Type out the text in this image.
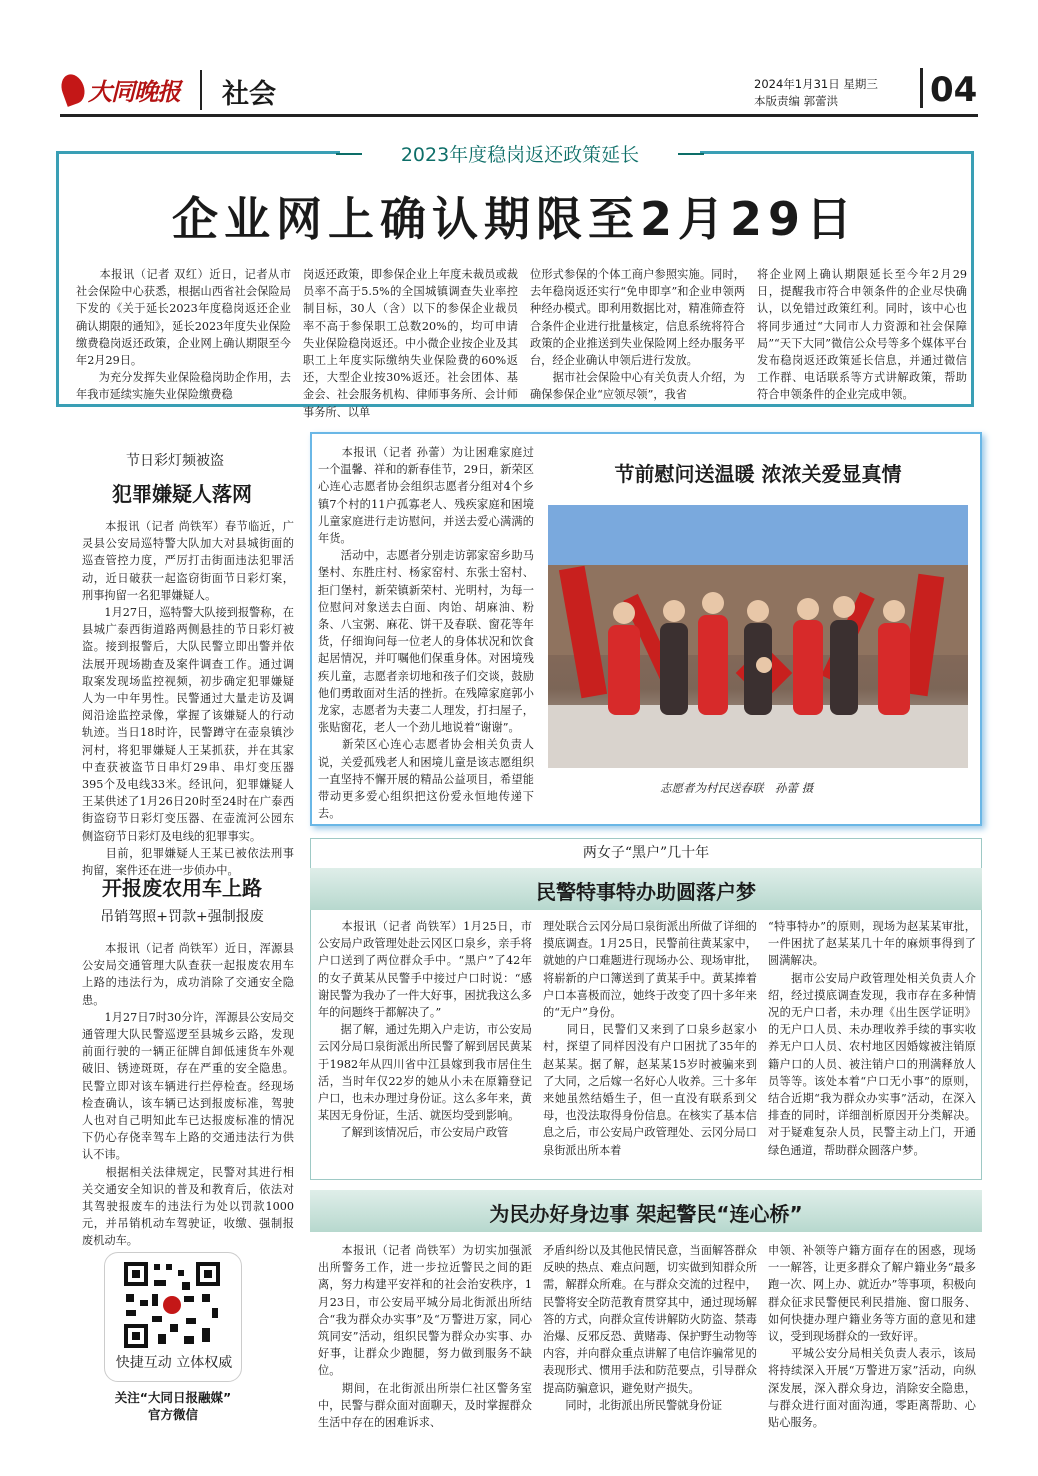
大同晚报 社会	2024年1月31日 星期三
本版责编 郭蕾洪	04
2023年度稳岗返还政策延长
企业网上确认期限至2月29日
　　本报讯（记者 双红）近日，记者从市社会保险中心获悉，根据山西省社会保险局下发的《关于延长2023年度稳岗返还企业确认期限的通知》，延长2023年度失业保险缴费稳岗返还政策，企业网上确认期限至今年2月29日。
　　为充分发挥失业保险稳岗助企作用，去年我市延续实施失业保险缴费稳
岗返还政策，即参保企业上年度未裁员或裁员率不高于5.5%的全国城镇调查失业率控制目标，30人（含）以下的参保企业裁员率不高于参保职工总数20%的，均可申请失业保险稳岗返还。中小微企业按企业及其职工上年度实际缴纳失业保险费的60%返还，大型企业按30%返还。社会团体、基金会、社会服务机构、律师事务所、会计师事务所、以单
位形式参保的个体工商户参照实施。同时，去年稳岗返还实行“免申即享”和企业申领两种经办模式。即利用数据比对，精准筛查符合条件企业进行批量核定，信息系统将符合政策的企业推送到失业保险网上经办服务平台，经企业确认申领后进行发放。
　　据市社会保险中心有关负责人介绍，为确保参保企业“应领尽领”，我省
将企业网上确认期限延长至今年2月29日，提醒我市符合申领条件的企业尽快确认，以免错过政策红利。同时，该中心也将同步通过“大同市人力资源和社会保障局”“天下大同”微信公众号等多个媒体平台发布稳岗返还政策延长信息，并通过微信工作群、电话联系等方式讲解政策，帮助符合申领条件的企业完成申领。
节日彩灯频被盗
犯罪嫌疑人落网
　　本报讯（记者 尚铁军）春节临近，广灵县公安局巡特警大队加大对县城街面的巡查管控力度，严厉打击街面违法犯罪活动，近日破获一起盗窃街面节日彩灯案，刑事拘留一名犯罪嫌疑人。
　　1月27日，巡特警大队接到报警称，在县城广泰西街道路两侧悬挂的节日彩灯被盗。接到报警后，大队民警立即出警并依法展开现场勘查及案件调查工作。通过调取案发现场监控视频，初步确定犯罪嫌疑人为一中年男性。民警通过大量走访及调阅沿途监控录像，掌握了该嫌疑人的行动轨迹。当日18时许，民警蹲守在壶泉镇沙河村，将犯罪嫌疑人王某抓获，并在其家中查获被盗节日串灯29串、串灯变压器395个及电线33米。经讯问，犯罪嫌疑人王某供述了1月26日20时至24时在广泰西街盗窃节日彩灯变压器、在壶流河公园东侧盗窃节日彩灯及电线的犯罪事实。
　　目前，犯罪嫌疑人王某已被依法刑事拘留，案件还在进一步侦办中。
开报废农用车上路
吊销驾照+罚款+强制报废
　　本报讯（记者 尚铁军）近日，浑源县公安局交通管理大队查获一起报废农用车上路的违法行为，成功消除了交通安全隐患。
　　1月27日7时30分许，浑源县公安局交通管理大队民警巡逻至县城乡云路，发现前面行驶的一辆正征牌自卸低速货车外观破旧、锈迹斑斑，存在严重的安全隐患。民警立即对该车辆进行拦停检查。经现场检查确认，该车辆已达到报废标准，驾驶人也对自己明知此车已达报废标准的情况下仍心存侥幸驾车上路的交通违法行为供认不讳。
　　根据相关法律规定，民警对其进行相关交通安全知识的普及和教育后，依法对其驾驶报废车的违法行为处以罚款1000元，并吊销机动车驾驶证，收缴、强制报废机动车。
　　本报讯（记者 孙蕾）为让困难家庭过一个温馨、祥和的新春佳节，29日，新荣区心连心志愿者协会组织志愿者分组对4个乡镇7个村的11户孤寡老人、残疾家庭和困境儿童家庭进行走访慰问，并送去爱心满满的年货。
　　活动中，志愿者分别走访郭家窑乡助马堡村、东胜庄村、杨家窑村、东张士窑村、拒门堡村，新荣镇新荣村、光明村，为每一位慰问对象送去白面、肉饴、胡麻油、粉条、八宝粥、麻花、饼干及春联、窗花等年货，仔细询问每一位老人的身体状况和饮食起居情况，并叮嘱他们保重身体。对困境残疾儿童，志愿者亲切地和孩子们交谈，鼓励他们勇敢面对生活的挫折。在残障家庭郭小龙家，志愿者为夫妻二人理发，打扫屋子，张贴窗花，老人一个劲儿地说着“谢谢”。
　　新荣区心连心志愿者协会相关负责人说，关爱孤残老人和困境儿童是该志愿组织一直坚持不懈开展的精品公益项目，希望能带动更多爱心组织把这份爱永恒地传递下去。
节前慰问送温暖 浓浓关爱显真情
志愿者为村民送春联　孙蕾 摄
两女子“黑户”几十年
民警特事特办助圆落户梦
　　本报讯（记者 尚铁军）1月25日，市公安局户政管理处赴云冈区口泉乡，亲手将户口送到了两位群众手中。“黑户”了42年的女子黄某从民警手中接过户口时说：“感谢民警为我办了一件大好事，困扰我这么多年的问题终于都解决了。”
　　据了解，通过先期入户走访，市公安局云冈分局口泉街派出所民警了解到居民黄某于1982年从四川省中江县嫁到我市居住生活，当时年仅22岁的她从小未在原籍登记户口，也未办理过身份证。这么多年来，黄某因无身份证，生活、就医均受到影响。
　　了解到该情况后，市公安局户政管
理处联合云冈分局口泉街派出所做了详细的摸底调查。1月25日，民警前往黄某家中，就她的户口难题进行现场办公、现场审批，将崭新的户口簿送到了黄某手中。黄某捧着户口本喜极而泣，她终于改变了四十多年来的“无户”身份。
　　同日，民警们又来到了口泉乡赵家小村，探望了同样因没有户口困扰了35年的赵某某。据了解，赵某某15岁时被骗来到了大同，之后嫁一名好心人收养。三十多年来她虽然结婚生子，但一直没有联系到父母，也没法取得身份信息。在核实了基本信息之后，市公安局户政管理处、云冈分局口泉街派出所本着
“特事特办”的原则，现场为赵某某审批，一件困扰了赵某某几十年的麻烦事得到了圆满解决。
　　据市公安局户政管理处相关负责人介绍，经过摸底调查发现，我市存在多种情况的无户口者，未办理《出生医学证明》的无户口人员、未办理收养手续的事实收养无户口人员、农村地区因婚嫁被注销原籍户口的人员、被注销户口的刑满释放人员等等。该处本着“户口无小事”的原则，结合近期“我为群众办实事”活动，在深入排查的同时，详细剖析原因开分类解决。对于疑难复杂人员，民警主动上门，开通绿色通道，帮助群众圆落户梦。
为民办好身边事 架起警民“连心桥”
　　本报讯（记者 尚铁军）为切实加强派出所警务工作，进一步拉近警民之间的距离，努力构建平安祥和的社会治安秩序，1月23日，市公安局平城分局北街派出所结合“我为群众办实事”及“万警进万家，同心筑同安”活动，组织民警为群众办实事、办好事，让群众少跑腿，努力做到服务不缺位。
　　期间，在北街派出所崇仁社区警务室中，民警与群众面对面聊天，及时掌握群众生活中存在的困难诉求、
矛盾纠纷以及其他民情民意，当面解答群众反映的热点、难点问题，切实做到知群众所需，解群众所难。在与群众交流的过程中，民警将安全防范教育贯穿其中，通过现场解答的方式，向群众宣传讲解防火防盗、禁毒治爆、反邪反恐、黄赌毒、保护野生动物等内容，并向群众重点讲解了电信诈骗常见的表现形式、惯用手法和防范要点，引导群众提高防骗意识，避免财产损失。
　　同时，北街派出所民警就身份证
申领、补领等户籍方面存在的困惑，现场一一解答，让更多群众了解户籍业务“最多跑一次、网上办、就近办”等事项，积极向群众征求民警便民利民措施、窗口服务、如何快捷办理户籍业务等方面的意见和建议，受到现场群众的一致好评。
　　平城公安分局相关负责人表示，该局将持续深入开展“万警进万家”活动，向纵深发展，深入群众身边，消除安全隐患，与群众进行面对面沟通，零距离帮助、心贴心服务。
快捷互动 立体权威
关注“大同日报融媒”
官方微信
